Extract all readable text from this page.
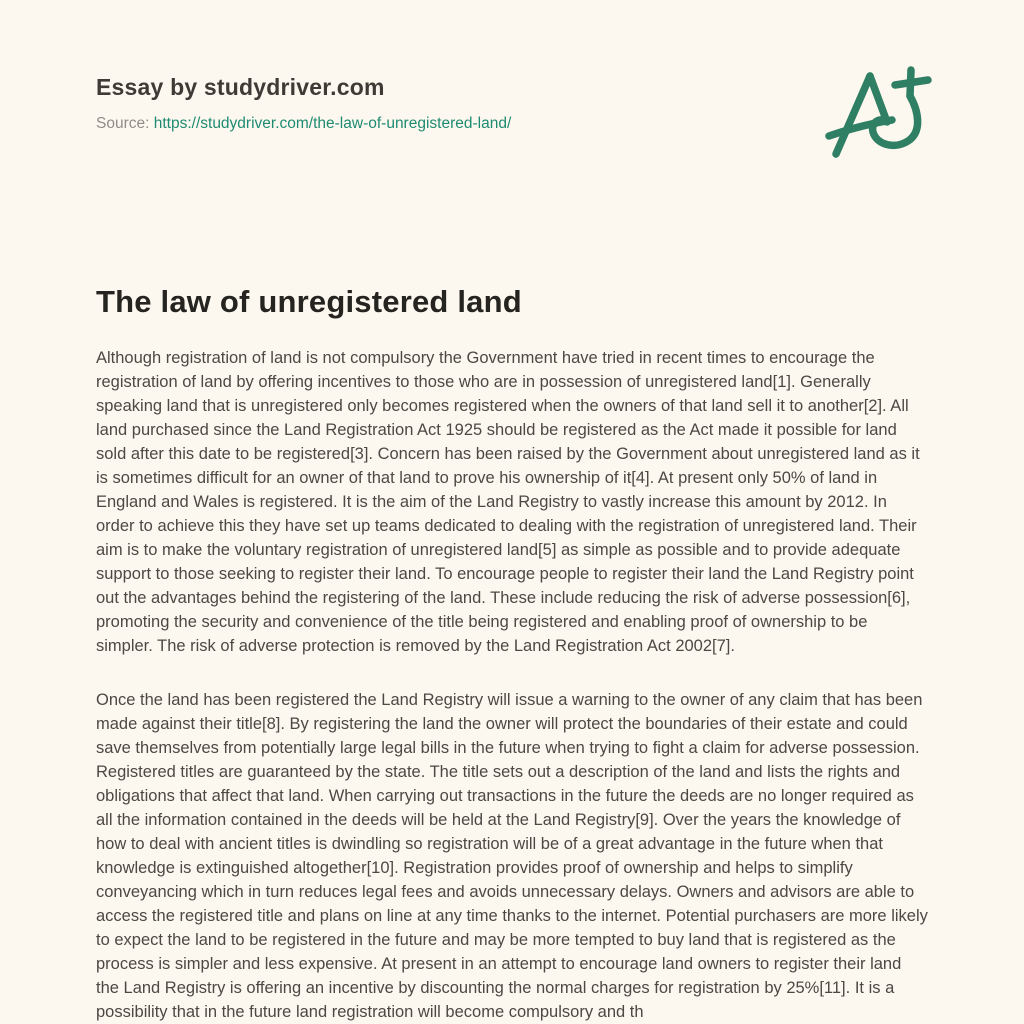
Essay by studydriver.com
Source: https://studydriver.com/the-law-of-unregistered-land/
The law of unregistered land

Although registration of land is not compulsory the Government have tried in recent times to encourage the registration of land by offering incentives to those who are in possession of unregistered land[1]. Generally speaking land that is unregistered only becomes registered when the owners of that land sell it to another[2]. All land purchased since the Land Registration Act 1925 should be registered as the Act made it possible for land sold after this date to be registered[3]. Concern has been raised by the Government about unregistered land as it is sometimes difficult for an owner of that land to prove his ownership of it[4]. At present only 50% of land in England and Wales is registered. It is the aim of the Land Registry to vastly increase this amount by 2012. In order to achieve this they have set up teams dedicated to dealing with the registration of unregistered land. Their aim is to make the voluntary registration of unregistered land[5] as simple as possible and to provide adequate support to those seeking to register their land. To encourage people to register their land the Land Registry point out the advantages behind the registering of the land. These include reducing the risk of adverse possession[6], promoting the security and convenience of the title being registered and enabling proof of ownership to be simpler. The risk of adverse protection is removed by the Land Registration Act 2002[7].

Once the land has been registered the Land Registry will issue a warning to the owner of any claim that has been made against their title[8]. By registering the land the owner will protect the boundaries of their estate and could save themselves from potentially large legal bills in the future when trying to fight a claim for adverse possession. Registered titles are guaranteed by the state. The title sets out a description of the land and lists the rights and obligations that affect that land. When carrying out transactions in the future the deeds are no longer required as all the information contained in the deeds will be held at the Land Registry[9]. Over the years the knowledge of how to deal with ancient titles is dwindling so registration will be of a great advantage in the future when that knowledge is extinguished altogether[10]. Registration provides proof of ownership and helps to simplify conveyancing which in turn reduces legal fees and avoids unnecessary delays. Owners and advisors are able to access the registered title and plans on line at any time thanks to the internet. Potential purchasers are more likely to expect the land to be registered in the future and may be more tempted to buy land that is registered as the process is simpler and less expensive. At present in an attempt to encourage land owners to register their land the Land Registry is offering an incentive by discounting the normal charges for registration by 25%[11]. It is a possibility that in the future land registration will become compulsory and th
